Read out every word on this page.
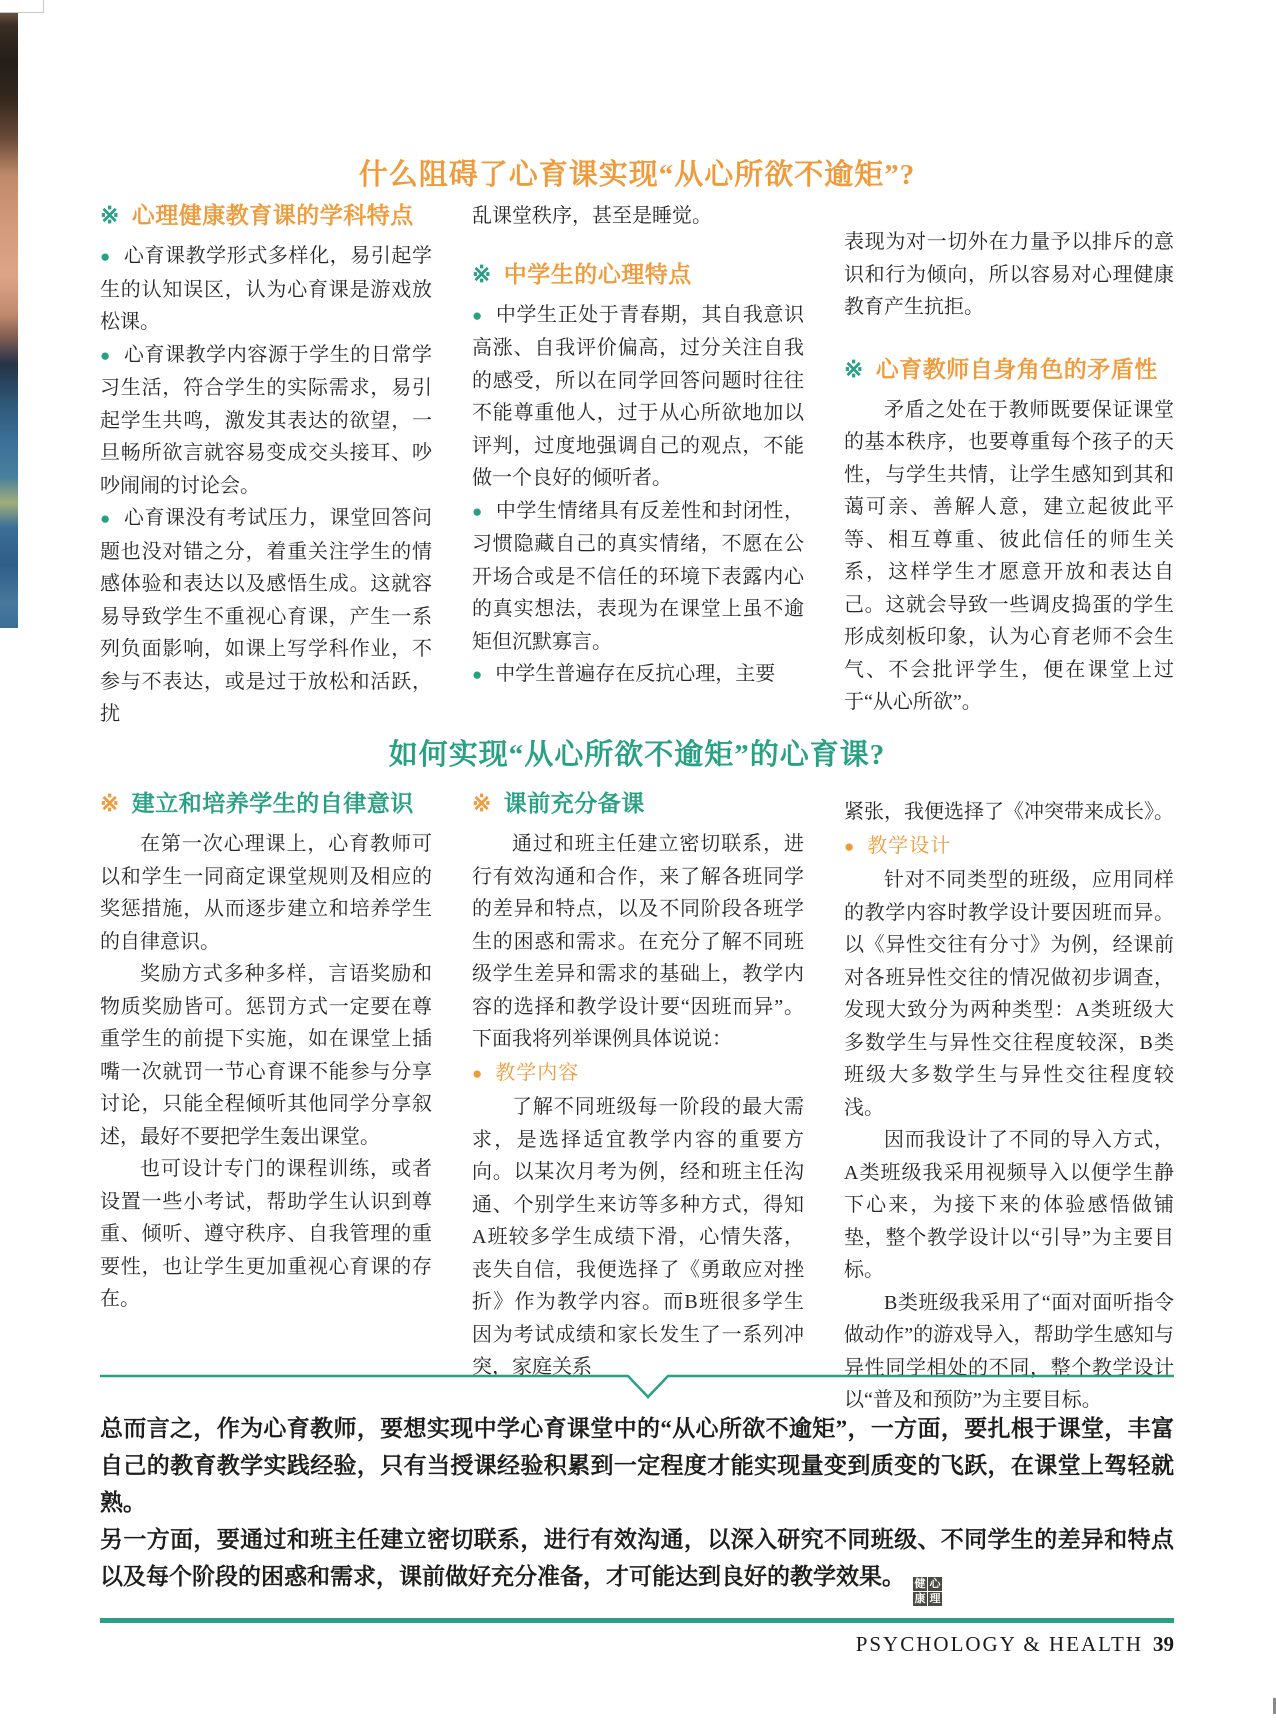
什么阻碍了心育课实现“从心所欲不逾矩”?
※ 心理健康教育课的学科特点

● 心育课教学形式多样化，易引起学生的认知误区，认为心育课是游戏放松课。

● 心育课教学内容源于学生的日常学习生活，符合学生的实际需求，易引起学生共鸣，激发其表达的欲望，一旦畅所欲言就容易变成交头接耳、吵吵闹闹的讨论会。

● 心育课没有考试压力，课堂回答问题也没对错之分，着重关注学生的情感体验和表达以及感悟生成。这就容易导致学生不重视心育课，产生一系列负面影响，如课上写学科作业，不参与不表达，或是过于放松和活跃，扰

乱课堂秩序，甚至是睡觉。

※ 中学生的心理特点

● 中学生正处于青春期，其自我意识高涨、自我评价偏高，过分关注自我的感受，所以在同学回答问题时往往不能尊重他人，过于从心所欲地加以评判，过度地强调自己的观点，不能做一个良好的倾听者。

● 中学生情绪具有反差性和封闭性，习惯隐藏自己的真实情绪，不愿在公开场合或是不信任的环境下表露内心的真实想法，表现为在课堂上虽不逾矩但沉默寡言。

● 中学生普遍存在反抗心理，主要

表现为对一切外在力量予以排斥的意识和行为倾向，所以容易对心理健康教育产生抗拒。

※ 心育教师自身角色的矛盾性

矛盾之处在于教师既要保证课堂的基本秩序，也要尊重每个孩子的天性，与学生共情，让学生感知到其和蔼可亲、善解人意，建立起彼此平等、相互尊重、彼此信任的师生关系，这样学生才愿意开放和表达自己。这就会导致一些调皮捣蛋的学生形成刻板印象，认为心育老师不会生气、不会批评学生，便在课堂上过于“从心所欲”。

如何实现“从心所欲不逾矩”的心育课?
※ 建立和培养学生的自律意识

在第一次心理课上，心育教师可以和学生一同商定课堂规则及相应的奖惩措施，从而逐步建立和培养学生的自律意识。

奖励方式多种多样，言语奖励和物质奖励皆可。惩罚方式一定要在尊重学生的前提下实施，如在课堂上插嘴一次就罚一节心育课不能参与分享讨论，只能全程倾听其他同学分享叙述，最好不要把学生轰出课堂。

也可设计专门的课程训练，或者设置一些小考试，帮助学生认识到尊重、倾听、遵守秩序、自我管理的重要性，也让学生更加重视心育课的存在。

※ 课前充分备课

通过和班主任建立密切联系，进行有效沟通和合作，来了解各班同学的差异和特点，以及不同阶段各班学生的困惑和需求。在充分了解不同班级学生差异和需求的基础上，教学内容的选择和教学设计要“因班而异”。下面我将列举课例具体说说：

● 教学内容

了解不同班级每一阶段的最大需求，是选择适宜教学内容的重要方向。以某次月考为例，经和班主任沟通、个别学生来访等多种方式，得知A班较多学生成绩下滑，心情失落，丧失自信，我便选择了《勇敢应对挫折》作为教学内容。而B班很多学生因为考试成绩和家长发生了一系列冲突，家庭关系

紧张，我便选择了《冲突带来成长》。

● 教学设计

针对不同类型的班级，应用同样的教学内容时教学设计要因班而异。以《异性交往有分寸》为例，经课前对各班异性交往的情况做初步调查，发现大致分为两种类型：A类班级大多数学生与异性交往程度较深，B类班级大多数学生与异性交往程度较浅。

因而我设计了不同的导入方式，A类班级我采用视频导入以便学生静下心来，为接下来的体验感悟做铺垫，整个教学设计以“引导”为主要目标。

B类班级我采用了“面对面听指令做动作”的游戏导入，帮助学生感知与异性同学相处的不同，整个教学设计以“普及和预防”为主要目标。

总而言之，作为心育教师，要想实现中学心育课堂中的“从心所欲不逾矩”，一方面，要扎根于课堂，丰富自己的教育教学实践经验，只有当授课经验积累到一定程度才能实现量变到质变的飞跃，在课堂上驾轻就熟。

另一方面，要通过和班主任建立密切联系，进行有效沟通，以深入研究不同班级、不同学生的差异和特点以及每个阶段的困惑和需求，课前做好充分准备，才可能达到良好的教学效果。 健 心
康 理

PSYCHOLOGY & HEALTH 39
